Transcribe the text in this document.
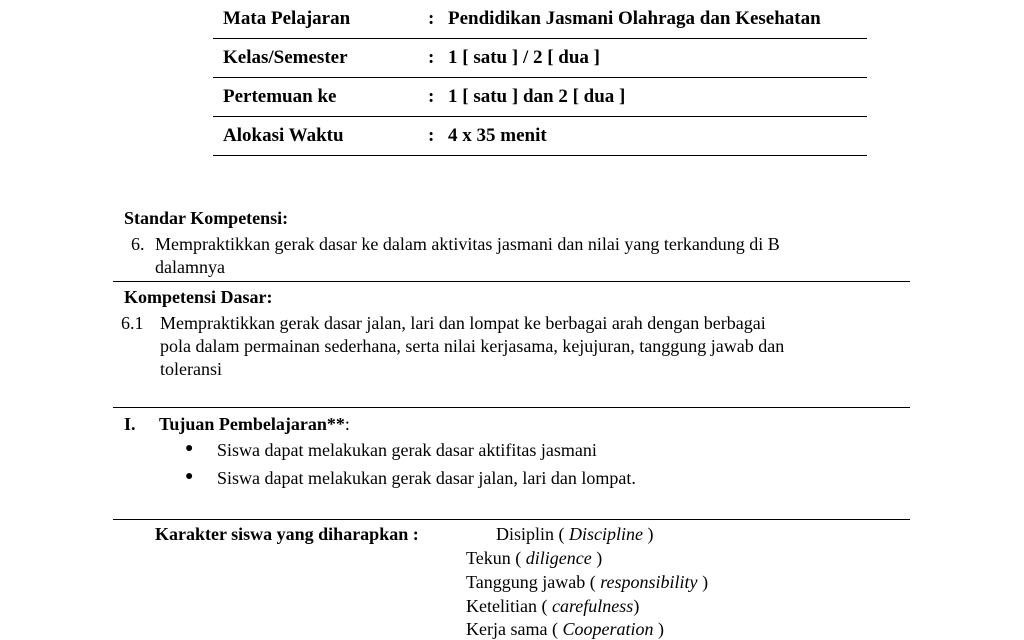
Mata Pelajaran	: Pendidikan Jasmani Olahraga dan Kesehatan
Kelas/Semester	: 1 [ satu ] / 2 [ dua ]
Pertemuan ke	: 1 [ satu ] dan 2 [ dua ]
Alokasi Waktu	: 4 x 35 menit
Standar Kompetensi:
6. Mempraktikkan gerak dasar ke dalam aktivitas jasmani dan nilai yang terkandung di B
dalamnya
Kompetensi Dasar:
6.1 Mempraktikkan gerak dasar jalan, lari dan lompat ke berbagai arah dengan berbagai
pola dalam permainan sederhana, serta nilai kerjasama, kejujuran, tanggung jawab dan
toleransi
I. Tujuan Pembelajaran**:
● Siswa dapat melakukan gerak dasar aktifitas jasmani
● Siswa dapat melakukan gerak dasar jalan, lari dan lompat.
Karakter siswa yang diharapkan :	Disiplin ( Discipline )
Tekun ( diligence )
Tanggung jawab ( responsibility )
Ketelitian ( carefulness)
Kerja sama ( Cooperation )
